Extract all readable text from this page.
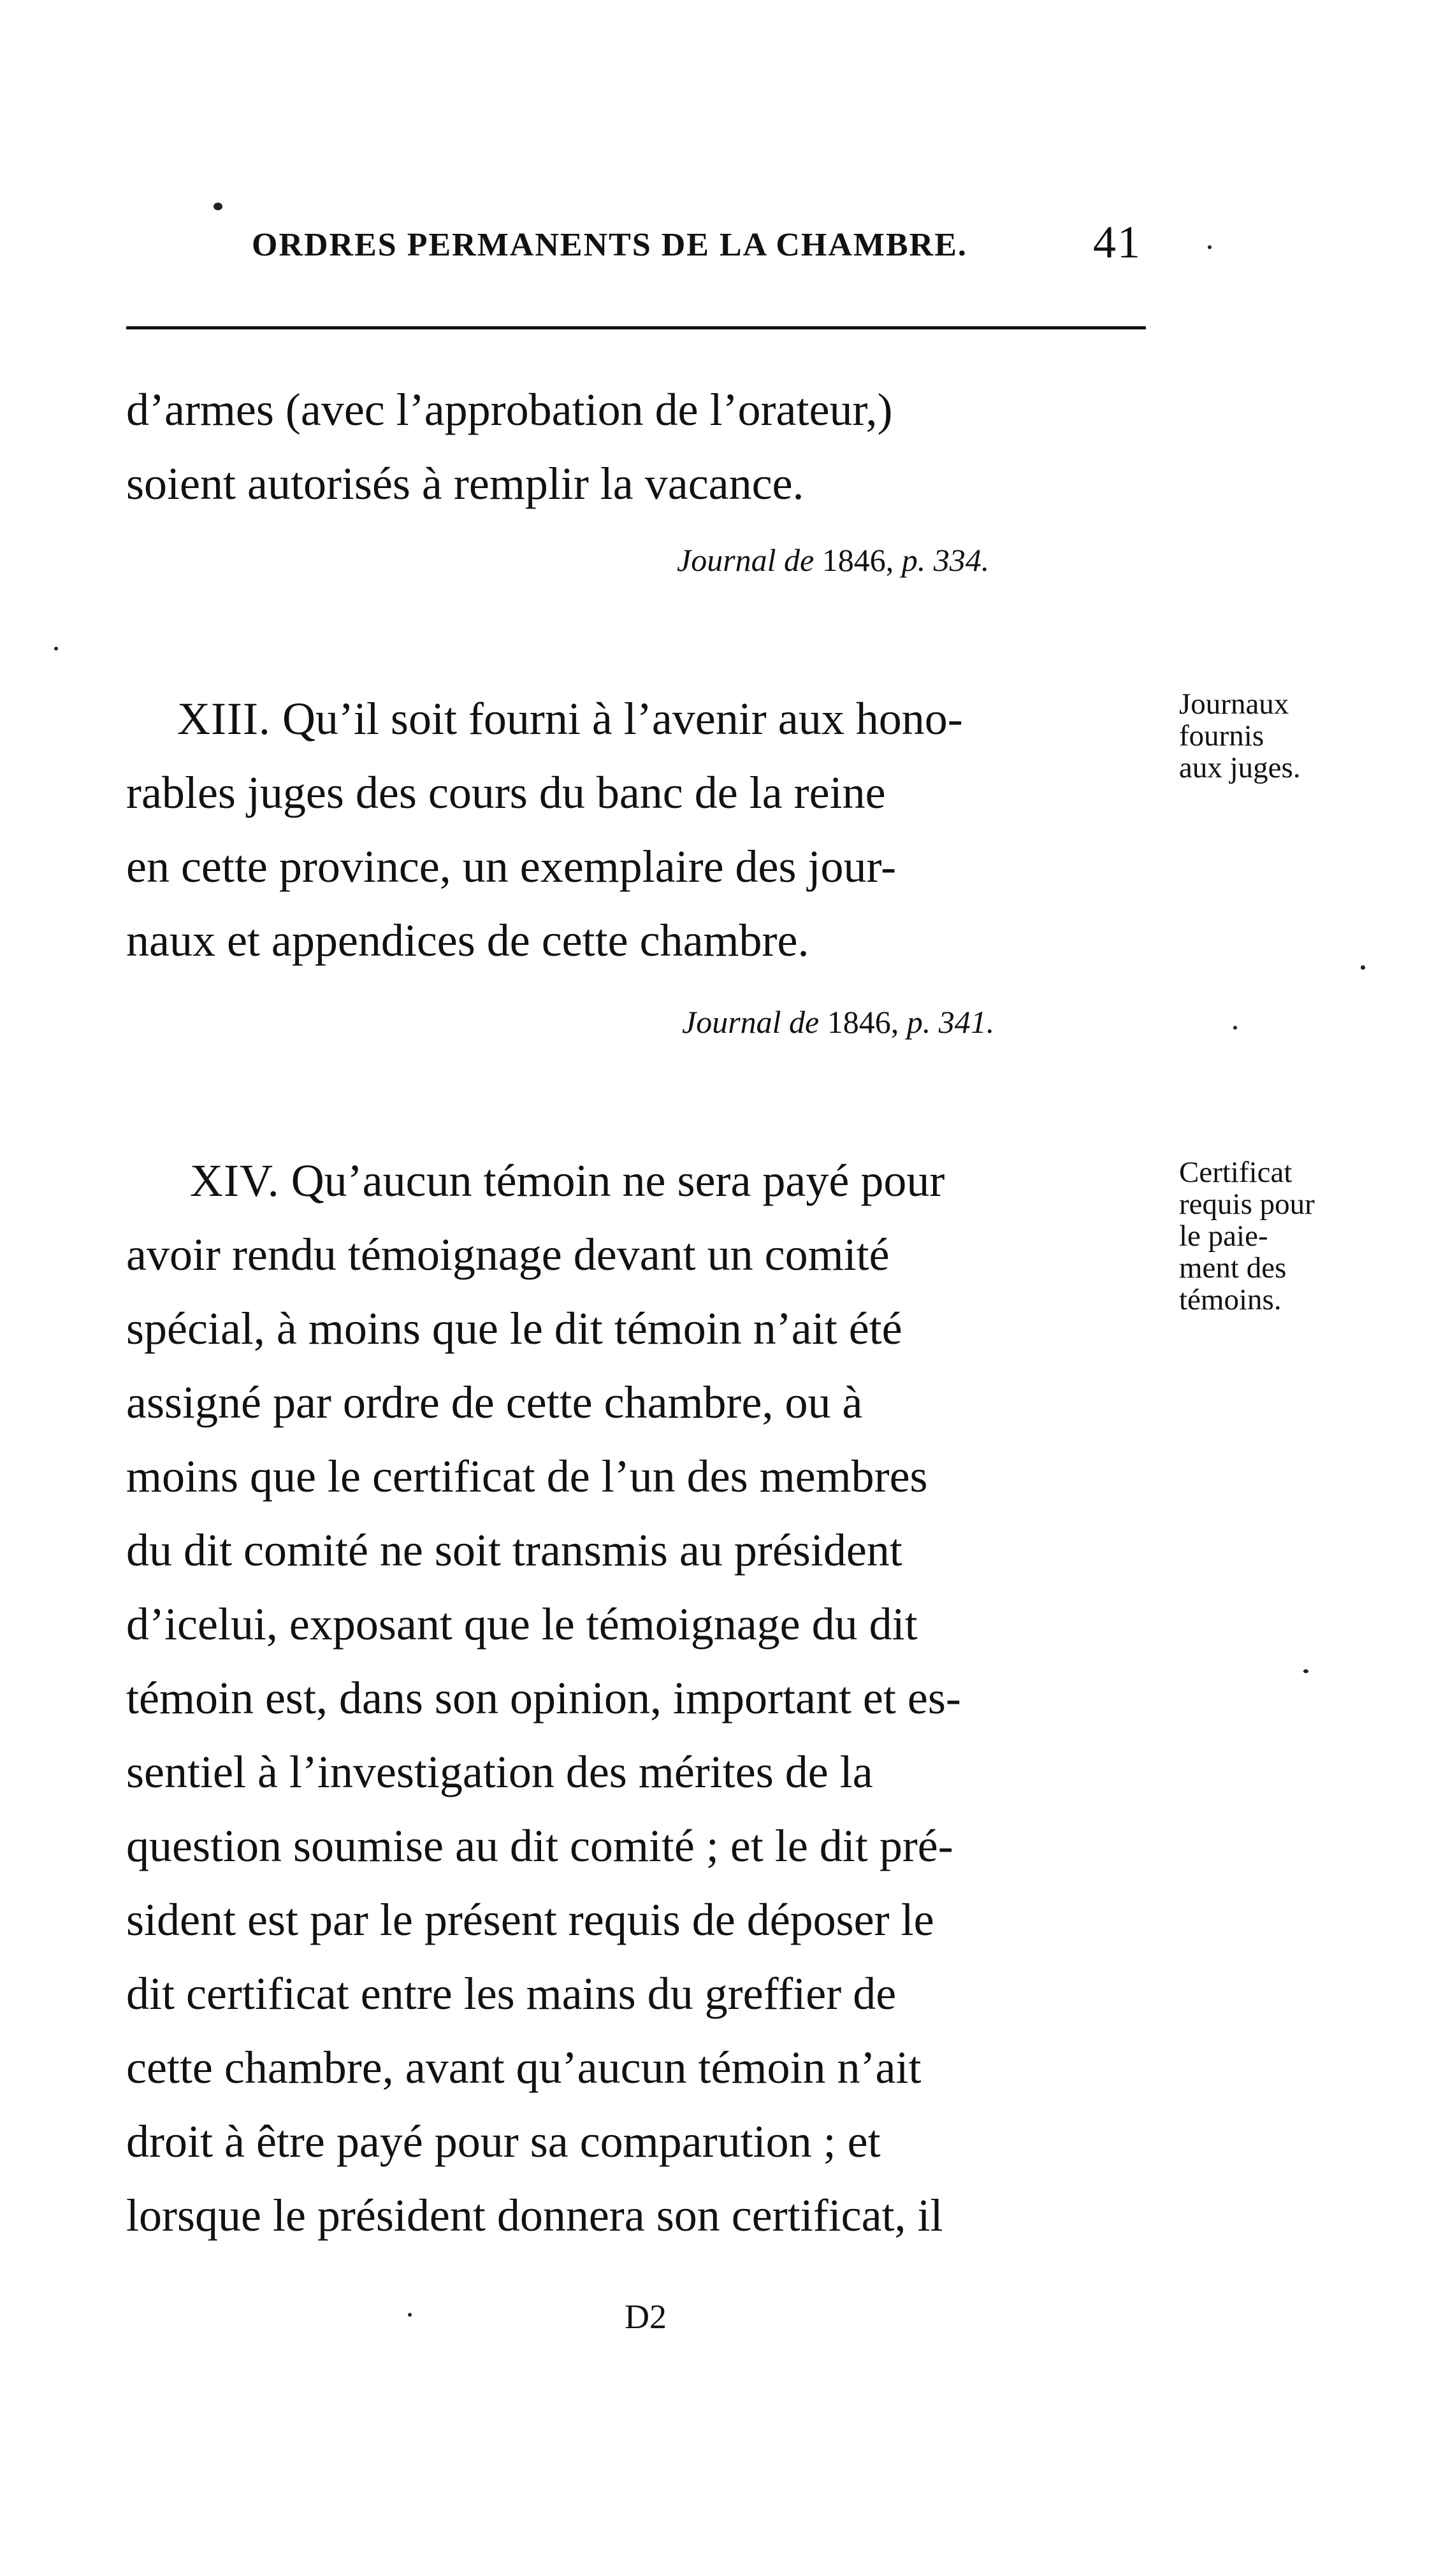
ORDRES PERMANENTS DE LA CHAMBRE.	41

d’armes (avec l’approbation de l’orateur,)

soient autorisés à remplir la vacance.

Journal de 1846, p. 334.

XIII. Qu’il soit fourni à l’avenir aux hono-

rables juges des cours du banc de la reine

en cette province, un exemplaire des jour-

naux et appendices de cette chambre.

Journaux
fournis
aux juges.
Journal de 1846, p. 341.

XIV. Qu’aucun témoin ne sera payé pour

avoir rendu témoignage devant un comité

spécial, à moins que le dit témoin n’ait été

assigné par ordre de cette chambre, ou à

moins que le certificat de l’un des membres

du dit comité ne soit transmis au président

d’icelui, exposant que le témoignage du dit

témoin est, dans son opinion, important et es-

sentiel à l’investigation des mérites de la

question soumise au dit comité ; et le dit pré-

sident est par le présent requis de déposer le

dit certificat entre les mains du greffier de

cette chambre, avant qu’aucun témoin n’ait

droit à être payé pour sa comparution ; et

lorsque le président donnera son certificat, il

Certificat
requis pour
le paie-
ment des
témoins.
D2
